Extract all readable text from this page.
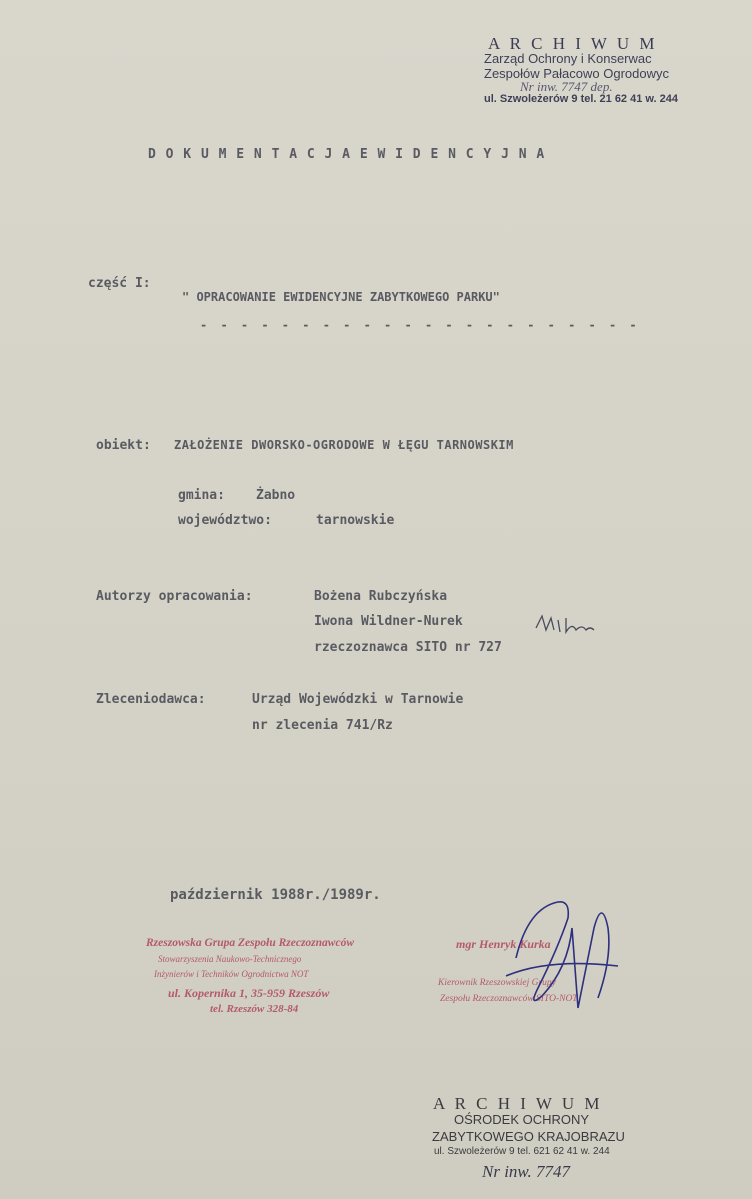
A R C H I W U M
Zarząd Ochrony i Konserwac
Zespołów Pałacowo Ogrodowyc
Nr inw. 7747 dep.
ul. Szwoleżerów 9 tel. 21 62 41 w. 244
D O K U M E N T A C J A E W I D E N C Y J N A
część I:
" OPRACOWANIE EWIDENCYJNE ZABYTKOWEGO PARKU"
- - - - - - - - - - - - - - - - - - - - - -
obiekt: ZAŁOŻENIE DWORSKO-OGRODOWE W ŁĘGU TARNOWSKIM
gmina: Żabno
województwo:	tarnowskie
Autorzy opracowania:	Bożena Rubczyńska
Iwona Wildner-Nurek
rzeczoznawca SITO nr 727
Zleceniodawca:	Urząd Wojewódzki w Tarnowie
nr zlecenia 741/Rz
październik 1988r./1989r.
Rzeszowska Grupa Zespołu Rzeczoznawców
Stowarzyszenia Naukowo-Technicznego
Inżynierów i Techników Ogrodnictwa NOT
ul. Kopernika 1, 35-959 Rzeszów
tel. Rzeszów 328-84
mgr Henryk Kurka
Kierownik Rzeszowskiej Grupy
Zespołu Rzeczoznawców SITO-NOT
A R C H I W U M
OŚRODEK OCHRONY
ZABYTKOWEGO KRAJOBRAZU
ul. Szwoleżerów 9 tel. 621 62 41 w. 244
Nr inw. 7747
